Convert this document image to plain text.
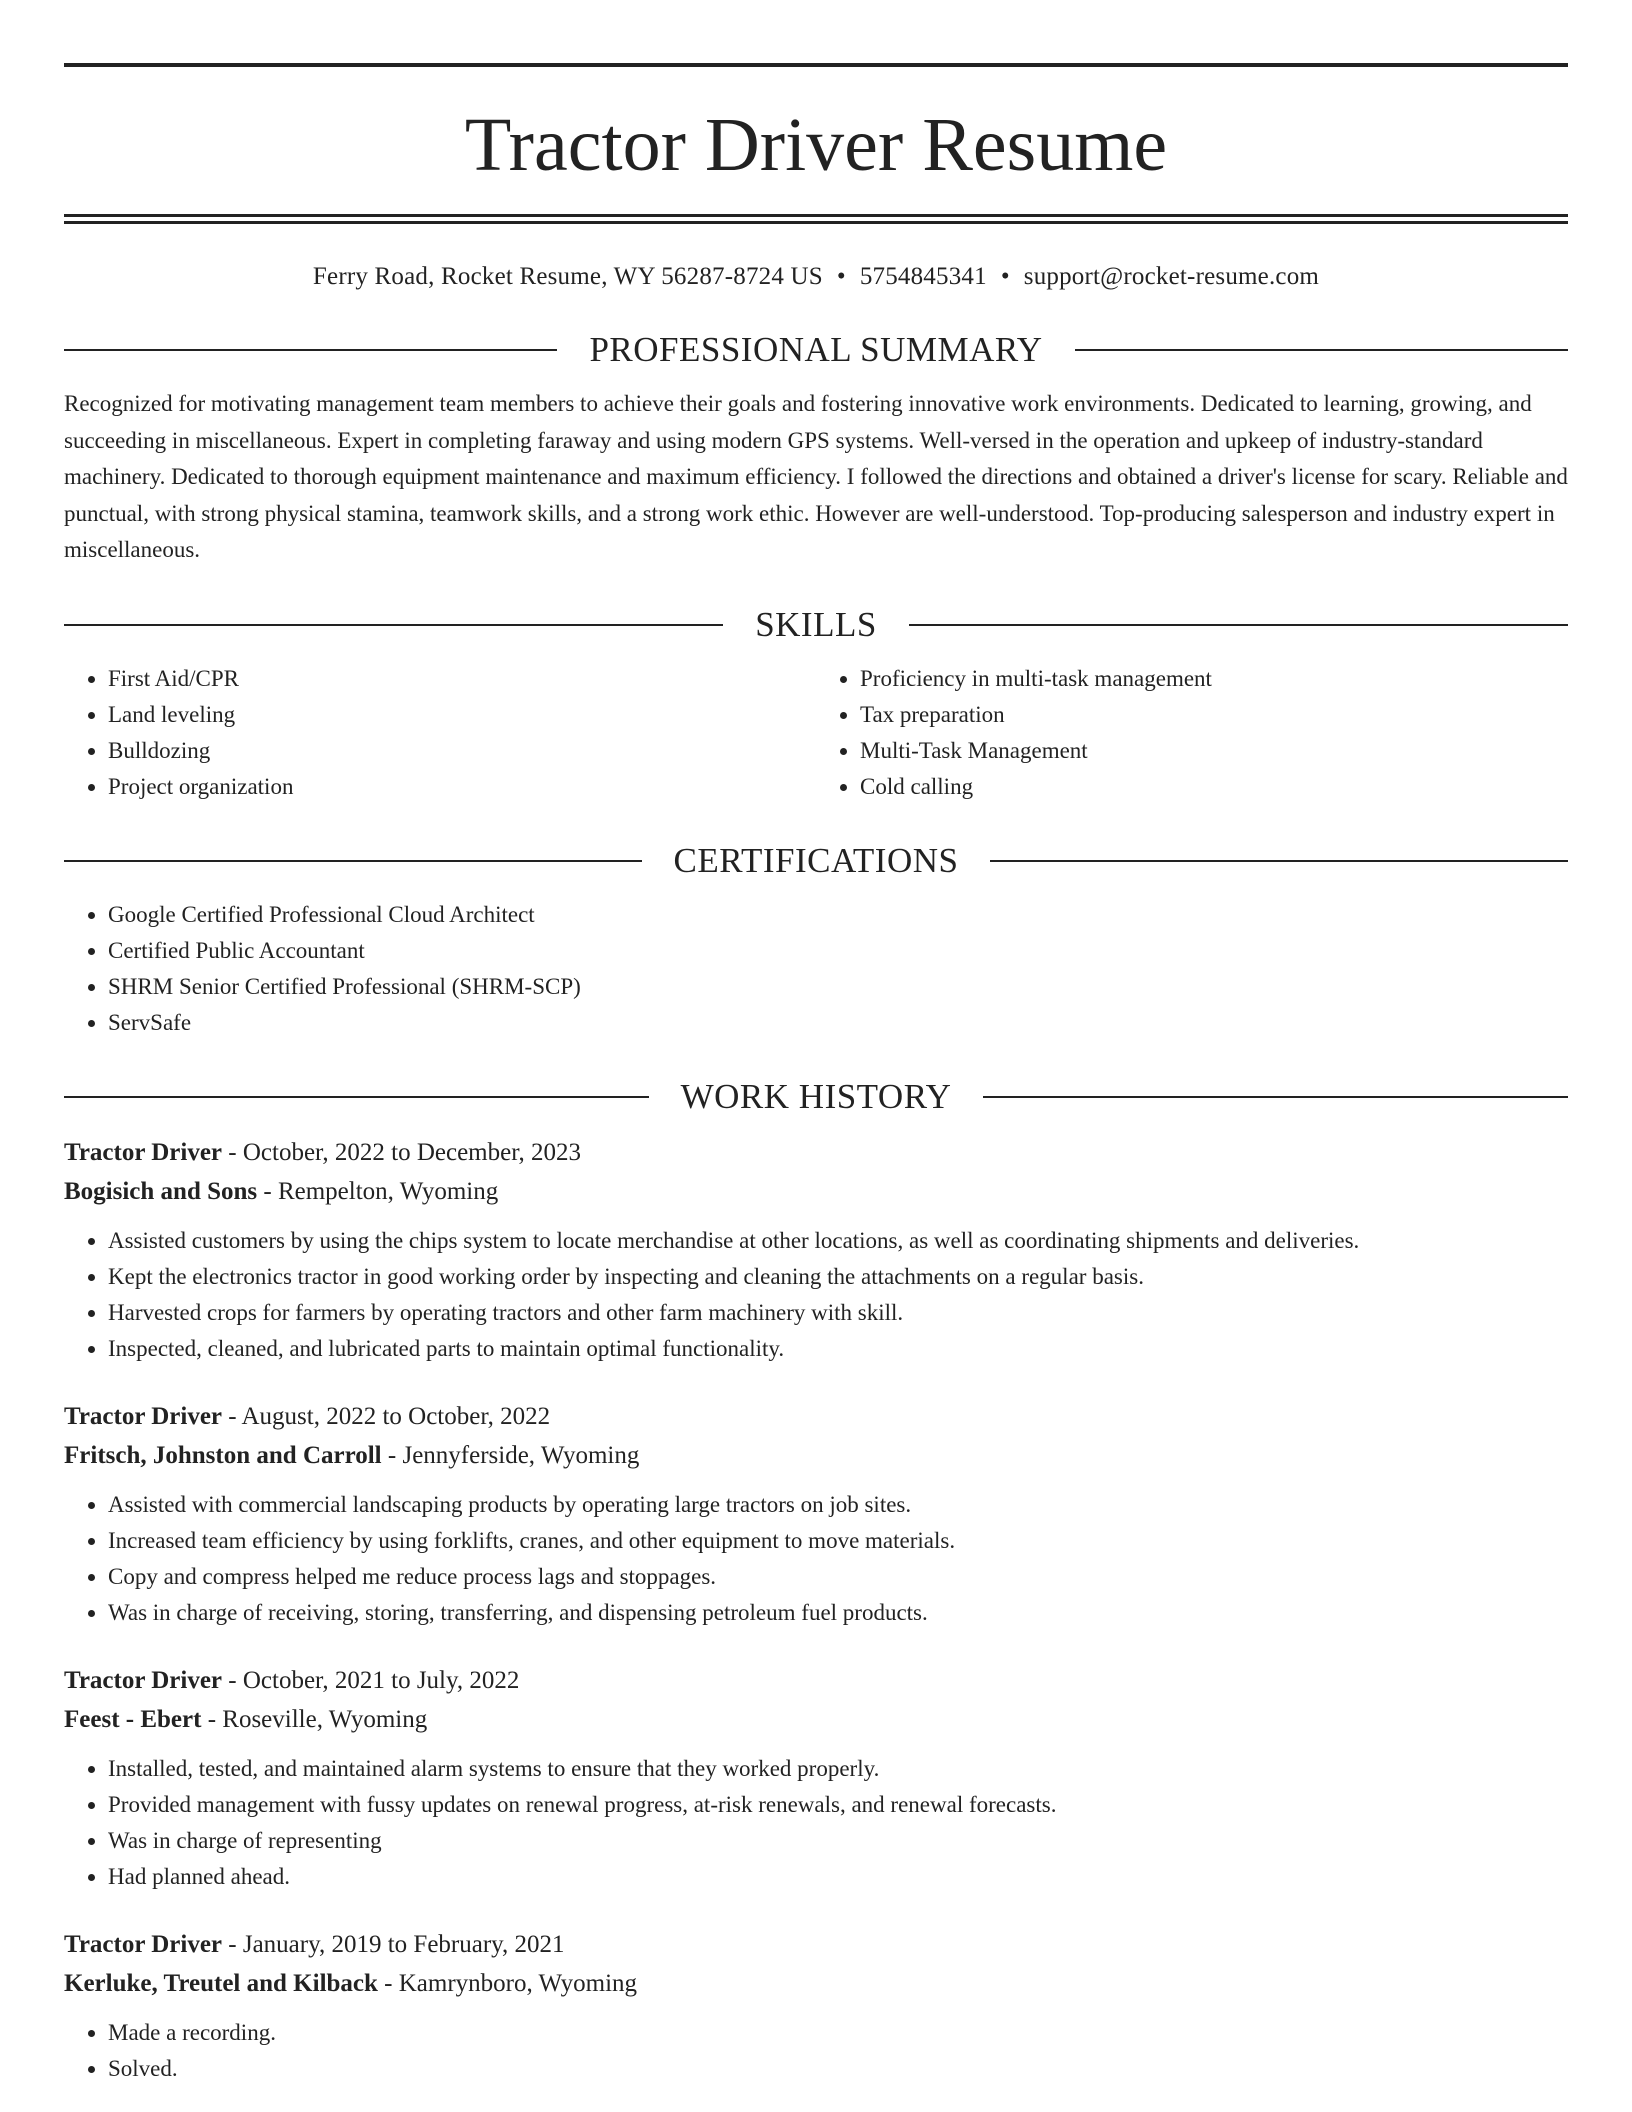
Tractor Driver Resume
Ferry Road, Rocket Resume, WY 56287-8724 US • 5754845341 • support@rocket-resume.com
PROFESSIONAL SUMMARY

Recognized for motivating management team members to achieve their goals and fostering innovative work environments. Dedicated to learning, growing, and succeeding in miscellaneous. Expert in completing faraway and using modern GPS systems. Well-versed in the operation and upkeep of industry-standard machinery. Dedicated to thorough equipment maintenance and maximum efficiency. I followed the directions and obtained a driver's license for scary. Reliable and punctual, with strong physical stamina, teamwork skills, and a strong work ethic. However are well-understood. Top-producing salesperson and industry expert in miscellaneous.

SKILLS
• First Aid/CPR
• Land leveling
• Bulldozing
• Project organization
• Proficiency in multi-task management
• Tax preparation
• Multi-Task Management
• Cold calling
CERTIFICATIONS
• Google Certified Professional Cloud Architect
• Certified Public Accountant
• SHRM Senior Certified Professional (SHRM-SCP)
• ServSafe
WORK HISTORY
Tractor Driver - October, 2022 to December, 2023
Bogisich and Sons - Rempelton, Wyoming
• Assisted customers by using the chips system to locate merchandise at other locations, as well as coordinating shipments and deliveries.
• Kept the electronics tractor in good working order by inspecting and cleaning the attachments on a regular basis.
• Harvested crops for farmers by operating tractors and other farm machinery with skill.
• Inspected, cleaned, and lubricated parts to maintain optimal functionality.
Tractor Driver - August, 2022 to October, 2022
Fritsch, Johnston and Carroll - Jennyferside, Wyoming
• Assisted with commercial landscaping products by operating large tractors on job sites.
• Increased team efficiency by using forklifts, cranes, and other equipment to move materials.
• Copy and compress helped me reduce process lags and stoppages.
• Was in charge of receiving, storing, transferring, and dispensing petroleum fuel products.
Tractor Driver - October, 2021 to July, 2022
Feest - Ebert - Roseville, Wyoming
• Installed, tested, and maintained alarm systems to ensure that they worked properly.
• Provided management with fussy updates on renewal progress, at-risk renewals, and renewal forecasts.
• Was in charge of representing
• Had planned ahead.
Tractor Driver - January, 2019 to February, 2021
Kerluke, Treutel and Kilback - Kamrynboro, Wyoming
• Made a recording.
• Solved.
